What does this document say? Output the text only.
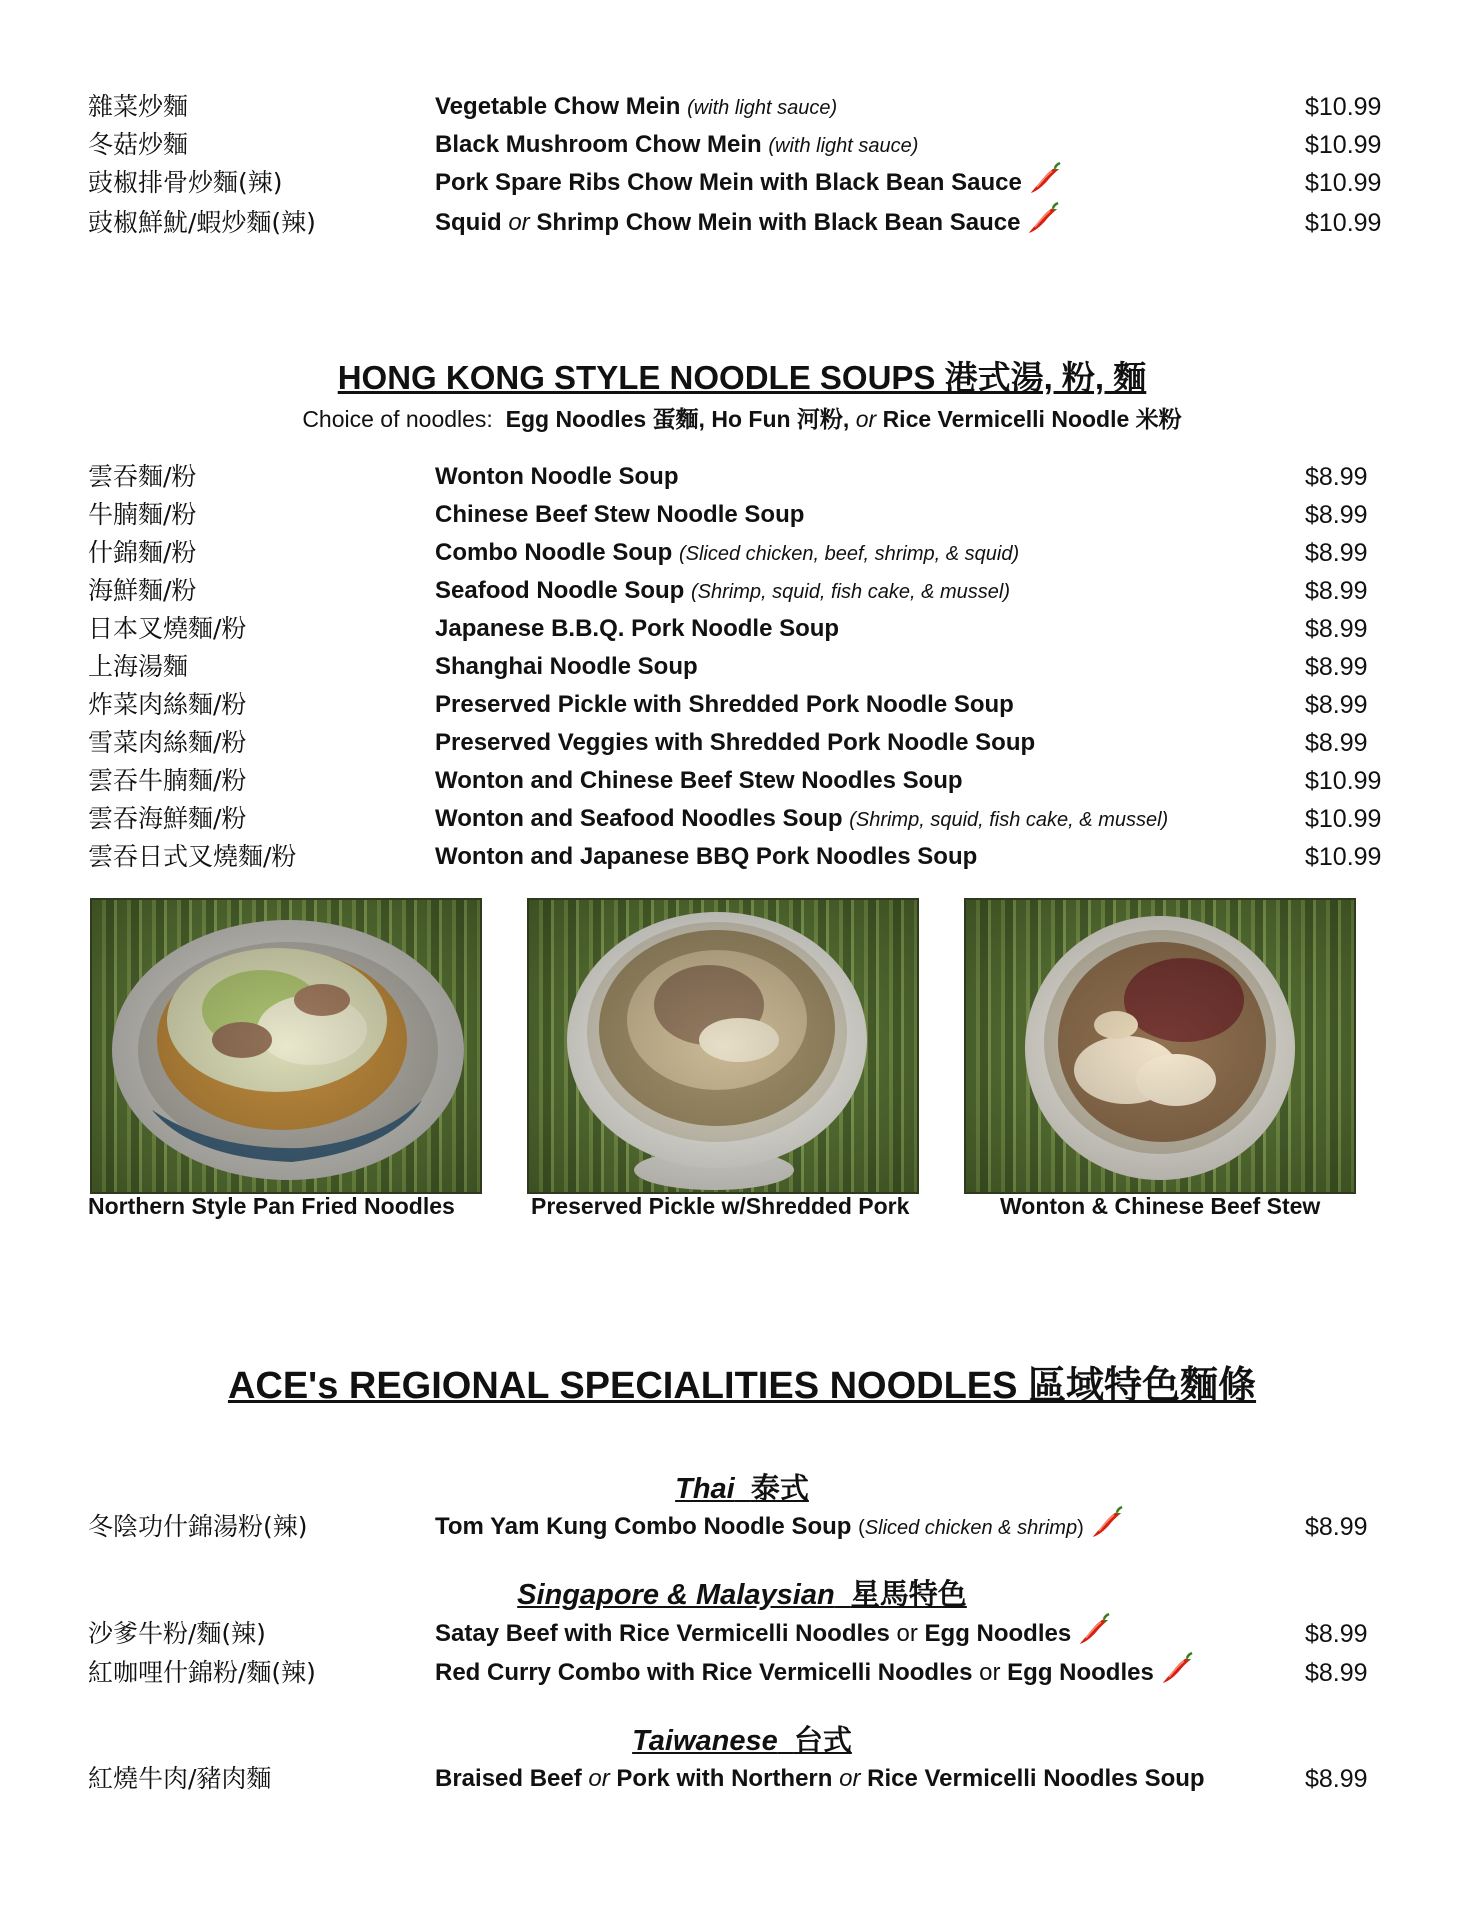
雜菜炒麵	Vegetable Chow Mein (with light sauce)	$10.99
冬菇炒麵	Black Mushroom Chow Mein (with light sauce)	$10.99
豉椒排骨炒麵(辣)	Pork Spare Ribs Chow Mein with Black Bean Sauce	$10.99
豉椒鮮魷/蝦炒麵(辣)	Squid or Shrimp Chow Mein with Black Bean Sauce	$10.99
HONG KONG STYLE NOODLE SOUPS 港式湯, 粉, 麵
Choice of noodles: Egg Noodles 蛋麵, Ho Fun 河粉, or Rice Vermicelli Noodle 米粉
雲吞麵/粉	Wonton Noodle Soup	$8.99
牛腩麵/粉	Chinese Beef Stew Noodle Soup	$8.99
什錦麵/粉	Combo Noodle Soup (Sliced chicken, beef, shrimp, & squid)	$8.99
海鮮麵/粉	Seafood Noodle Soup (Shrimp, squid, fish cake, & mussel)	$8.99
日本叉燒麵/粉	Japanese B.B.Q. Pork Noodle Soup	$8.99
上海湯麵	Shanghai Noodle Soup	$8.99
炸菜肉絲麵/粉	Preserved Pickle with Shredded Pork Noodle Soup	$8.99
雪菜肉絲麵/粉	Preserved Veggies with Shredded Pork Noodle Soup	$8.99
雲吞牛腩麵/粉	Wonton and Chinese Beef Stew Noodles Soup	$10.99
雲吞海鮮麵/粉	Wonton and Seafood Noodles Soup (Shrimp, squid, fish cake, & mussel)	$10.99
雲吞日式叉燒麵/粉	Wonton and Japanese BBQ Pork Noodles Soup	$10.99
Northern Style Pan Fried Noodles	Preserved Pickle w/Shredded Pork	Wonton & Chinese Beef Stew
ACE's REGIONAL SPECIALITIES NOODLES 區域特色麵條
Thai 泰式
冬陰功什錦湯粉(辣)	Tom Yam Kung Combo Noodle Soup (Sliced chicken & shrimp)	$8.99
Singapore & Malaysian 星馬特色
沙爹牛粉/麵(辣)	Satay Beef with Rice Vermicelli Noodles or Egg Noodles	$8.99
紅咖哩什錦粉/麵(辣)	Red Curry Combo with Rice Vermicelli Noodles or Egg Noodles	$8.99
Taiwanese 台式
紅燒牛肉/豬肉麵	Braised Beef or Pork with Northern or Rice Vermicelli Noodles Soup	$8.99
